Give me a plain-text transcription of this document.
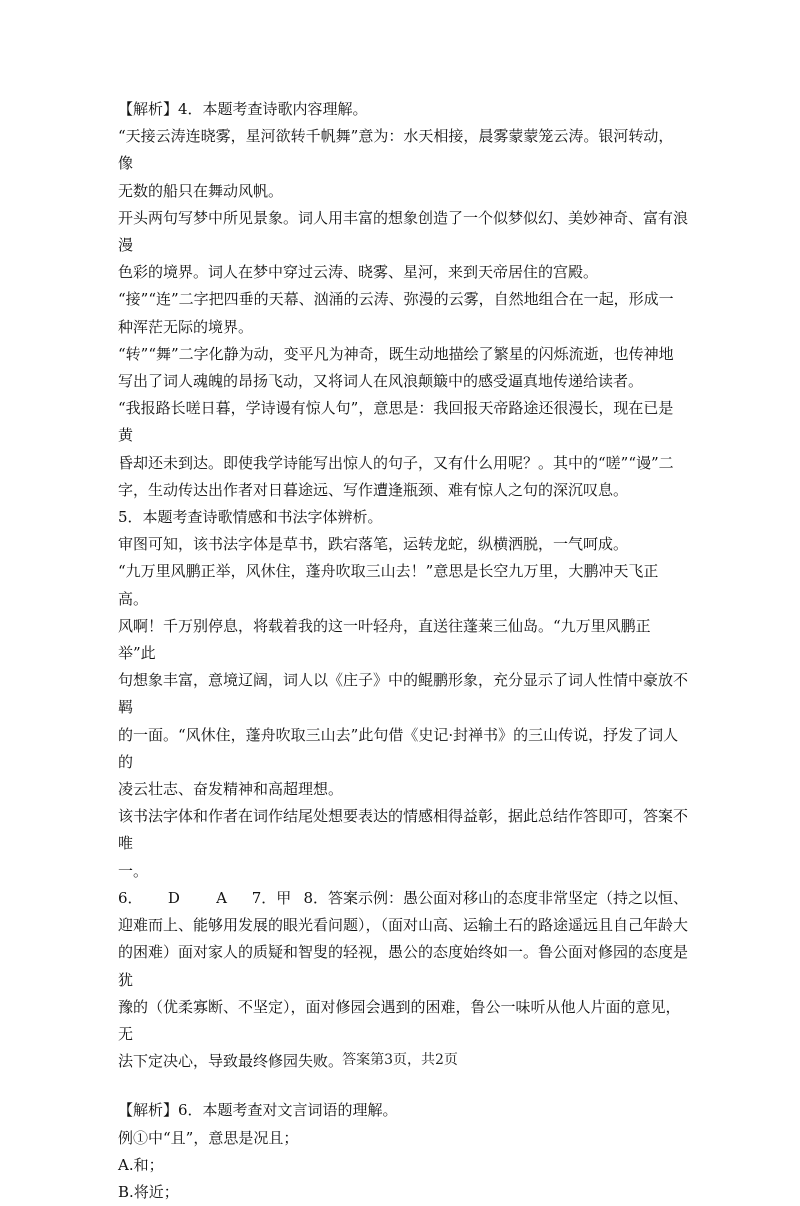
【解析】4．本题考查诗歌内容理解。

“天接云涛连晓雾，星河欲转千帆舞”意为：水天相接，晨雾蒙蒙笼云涛。银河转动，像

无数的船只在舞动风帆。

开头两句写梦中所见景象。词人用丰富的想象创造了一个似梦似幻、美妙神奇、富有浪漫

色彩的境界。词人在梦中穿过云涛、晓雾、星河，来到天帝居住的宫殿。

“接”“连”二字把四垂的天幕、汹涌的云涛、弥漫的云雾，自然地组合在一起，形成一

种浑茫无际的境界。

“转”“舞”二字化静为动，变平凡为神奇，既生动地描绘了繁星的闪烁流逝，也传神地

写出了词人魂魄的昂扬飞动，又将词人在风浪颠簸中的感受逼真地传递给读者。

“我报路长嗟日暮，学诗谩有惊人句”，意思是：我回报天帝路途还很漫长，现在已是黄

昏却还未到达。即使我学诗能写出惊人的句子，又有什么用呢？。其中的“嗟”“谩”二

字，生动传达出作者对日暮途远、写作遭逢瓶颈、难有惊人之句的深沉叹息。

5．本题考查诗歌情感和书法字体辨析。

审图可知，该书法字体是草书，跌宕落笔，运转龙蛇，纵横洒脱，一气呵成。

“九万里风鹏正举，风休住，蓬舟吹取三山去！”意思是长空九万里，大鹏冲天飞正高。

风啊！千万别停息，将载着我的这一叶轻舟，直送往蓬莱三仙岛。“九万里风鹏正举”此

句想象丰富，意境辽阔，词人以《庄子》中的鲲鹏形象，充分显示了词人性情中豪放不羁

的一面。“风休住，蓬舟吹取三山去”此句借《史记·封禅书》的三山传说，抒发了词人的

凌云壮志、奋发精神和高超理想。

该书法字体和作者在词作结尾处想要表达的情感相得益彰，据此总结作答即可，答案不唯

一。

6．	D	A	7．甲 8．答案示例：愚公面对移山的态度非常坚定（持之以恒、

迎难而上、能够用发展的眼光看问题），（面对山高、运输土石的路途遥远且自己年龄大

的困难）面对家人的质疑和智叟的轻视，愚公的态度始终如一。鲁公面对修园的态度是犹

豫的（优柔寡断、不坚定），面对修园会遇到的困难，鲁公一味听从他人片面的意见，无

法下定决心，导致最终修园失败。

【解析】6．本题考查对文言词语的理解。

例①中“且”，意思是况且；

A.和；

B.将近；

答案第3页，共2页
